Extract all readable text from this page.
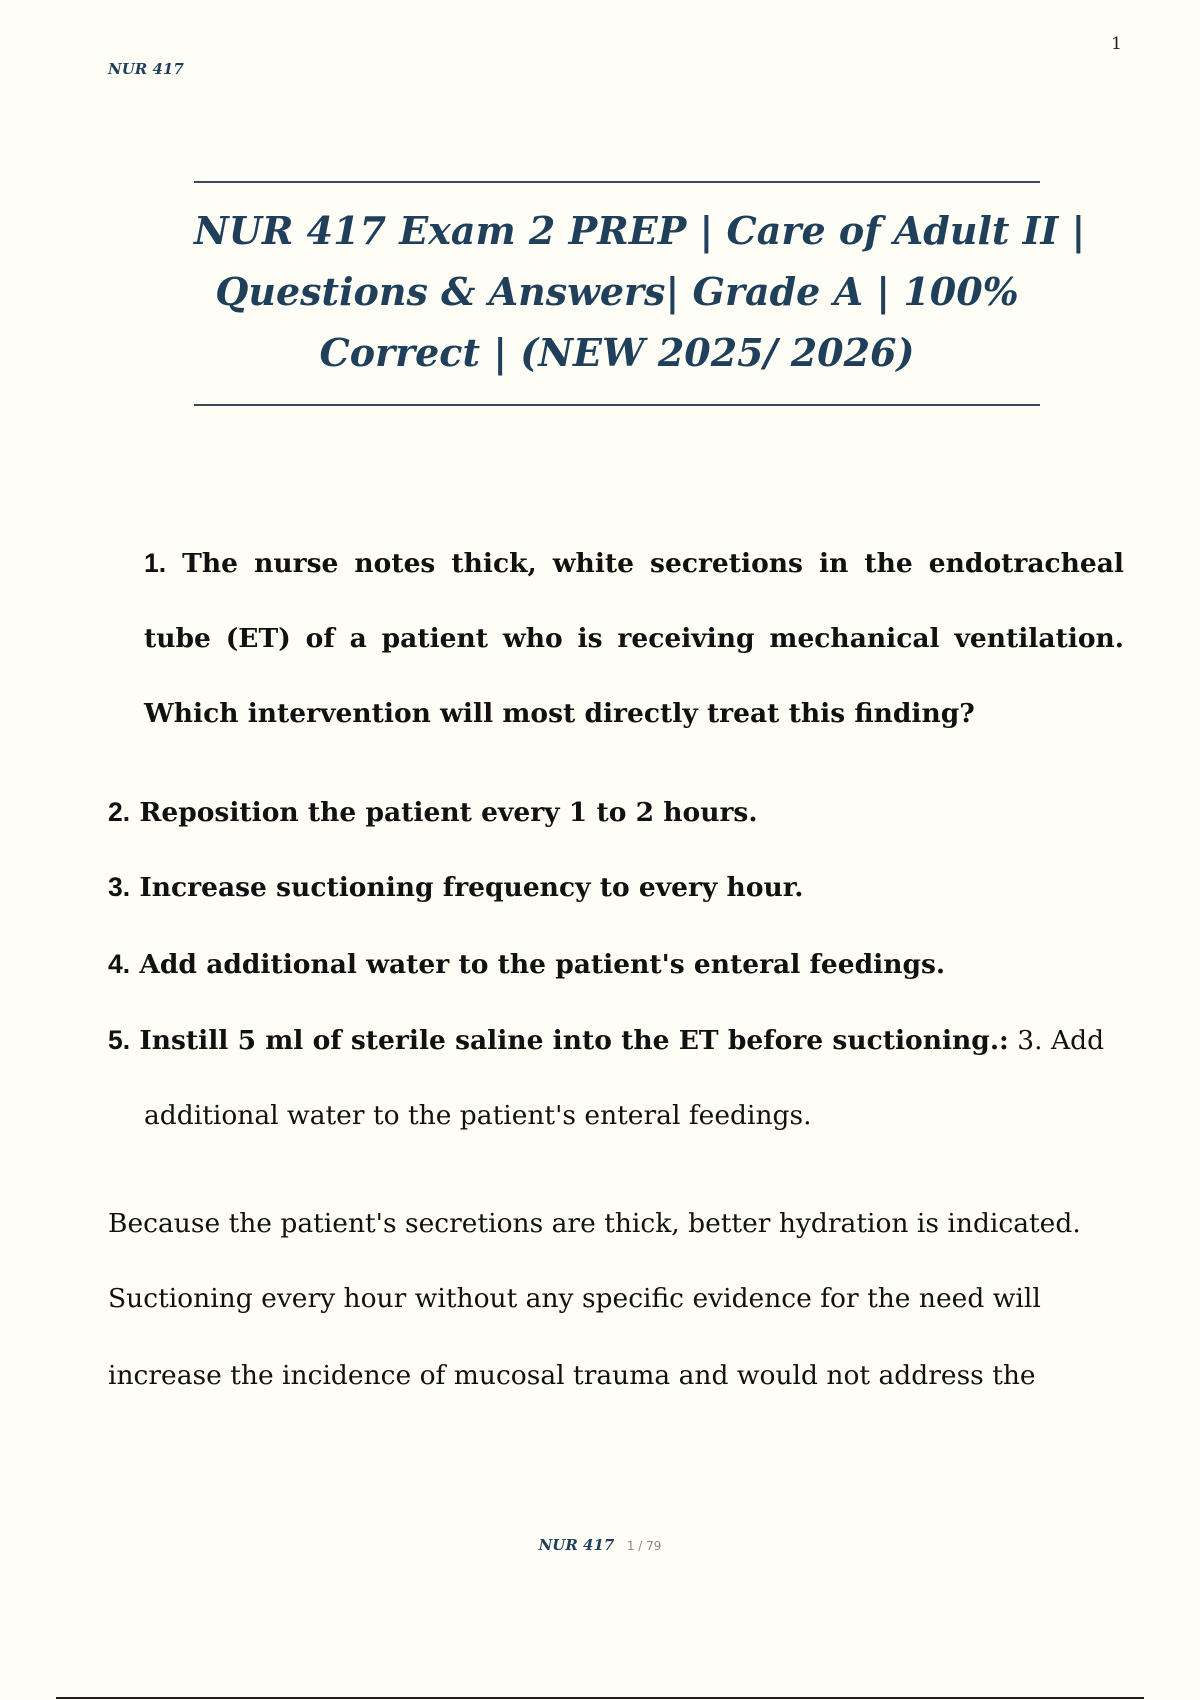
1
NUR 417
NUR 417 Exam 2 PREP | Care of Adult II |
Questions & Answers| Grade A | 100%
Correct | (NEW 2025/ 2026)

1. The nurse notes thick, white secretions in the endotracheal tube (ET) of a patient who is receiving mechanical ventilation. Which intervention will most directly treat this finding?

2. Reposition the patient every 1 to 2 hours.

3. Increase suctioning frequency to every hour.

4. Add additional water to the patient's enteral feedings.

5. Instill 5 ml of sterile saline into the ET before suctioning.: 3. Add

additional water to the patient's enteral feedings.

Because the patient's secretions are thick, better hydration is indicated.

Suctioning every hour without any specific evidence for the need will

increase the incidence of mucosal trauma and would not address the

NUR 417 1 / 79
